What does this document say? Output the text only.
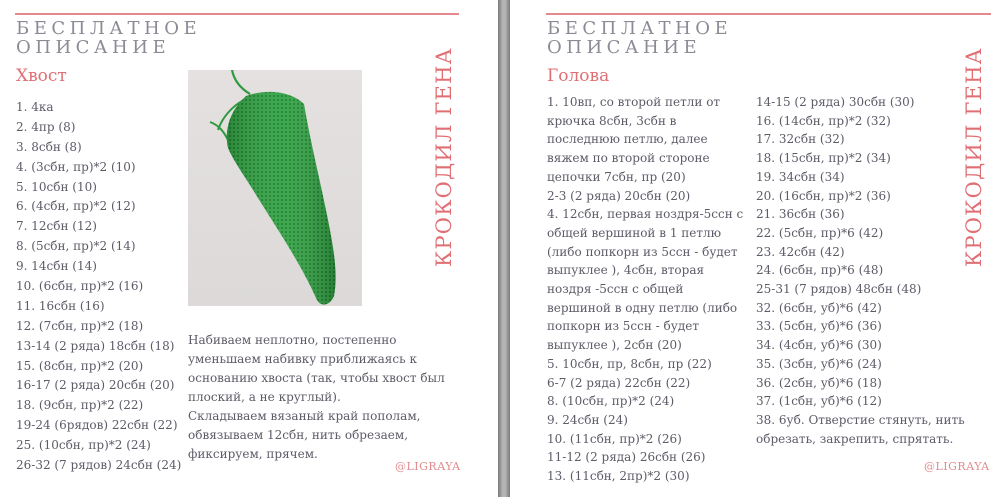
БЕСПЛАТНОЕ
ОПИСАНИЕ
Хвост	КРОКОДИЛ ГЕНА
1. 4ка
2. 4пр (8)
3. 8сбн (8)
4. (3сбн, пр)*2 (10)
5. 10сбн (10)
6. (4сбн, пр)*2 (12)
7. 12сбн (12)
8. (5сбн, пр)*2 (14)
9. 14сбн (14)
10. (6сбн, пр)*2 (16)
11. 16сбн (16)
12. (7сбн, пр)*2 (18)
13-14 (2 ряда) 18сбн (18)
15. (8сбн, пр)*2 (20)
16-17 (2 ряда) 20сбн (20)
18. (9сбн, пр)*2 (22)
19-24 (6рядов) 22сбн (22)
25. (10сбн, пр)*2 (24)
26-32 (7 рядов) 24сбн (24)

Набиваем неплотно, постепенно уменьшаем набивку приближаясь к основанию хвоста (так, чтобы хвост был плоский, а не круглый).

Складываем вязаный край пополам, обвязываем 12сбн, нить обрезаем, фиксируем, прячем.

@LIGRAYA
БЕСПЛАТНОЕ
ОПИСАНИЕ
Голова	КРОКОДИЛ ГЕНА
1. 10вп, со второй петли от крючка 8сбн, 3сбн в последнюю петлю, далее вяжем по второй стороне цепочки 7сбн, пр (20)
2-3 (2 ряда) 20сбн (20)
4. 12сбн, первая ноздря-5ссн с общей вершиной в 1 петлю (либо попкорн из 5ссн - будет выпуклее ), 4сбн, вторая ноздря -5ссн с общей вершиной в одну петлю (либо попкорн из 5ссн - будет выпуклее ), 2сбн (20)
5. 10сбн, пр, 8сбн, пр (22)
6-7 (2 ряда) 22сбн (22)
8. (10сбн, пр)*2 (24)
9. 24сбн (24)
10. (11сбн, пр)*2 (26)
11-12 (2 ряда) 26сбн (26)
13. (11сбн, 2пр)*2 (30)
14-15 (2 ряда) 30сбн (30)
16. (14сбн, пр)*2 (32)
17. 32сбн (32)
18. (15сбн, пр)*2 (34)
19. 34сбн (34)
20. (16сбн, пр)*2 (36)
21. 36сбн (36)
22. (5сбн, пр)*6 (42)
23. 42сбн (42)
24. (6сбн, пр)*6 (48)
25-31 (7 рядов) 48сбн (48)
32. (6сбн, уб)*6 (42)
33. (5сбн, уб)*6 (36)
34. (4сбн, уб)*6 (30)
35. (3сбн, уб)*6 (24)
36. (2сбн, уб)*6 (18)
37. (1сбн, уб)*6 (12)
38. 6уб. Отверстие стянуть, нить обрезать, закрепить, спрятать.
@LIGRAYA
